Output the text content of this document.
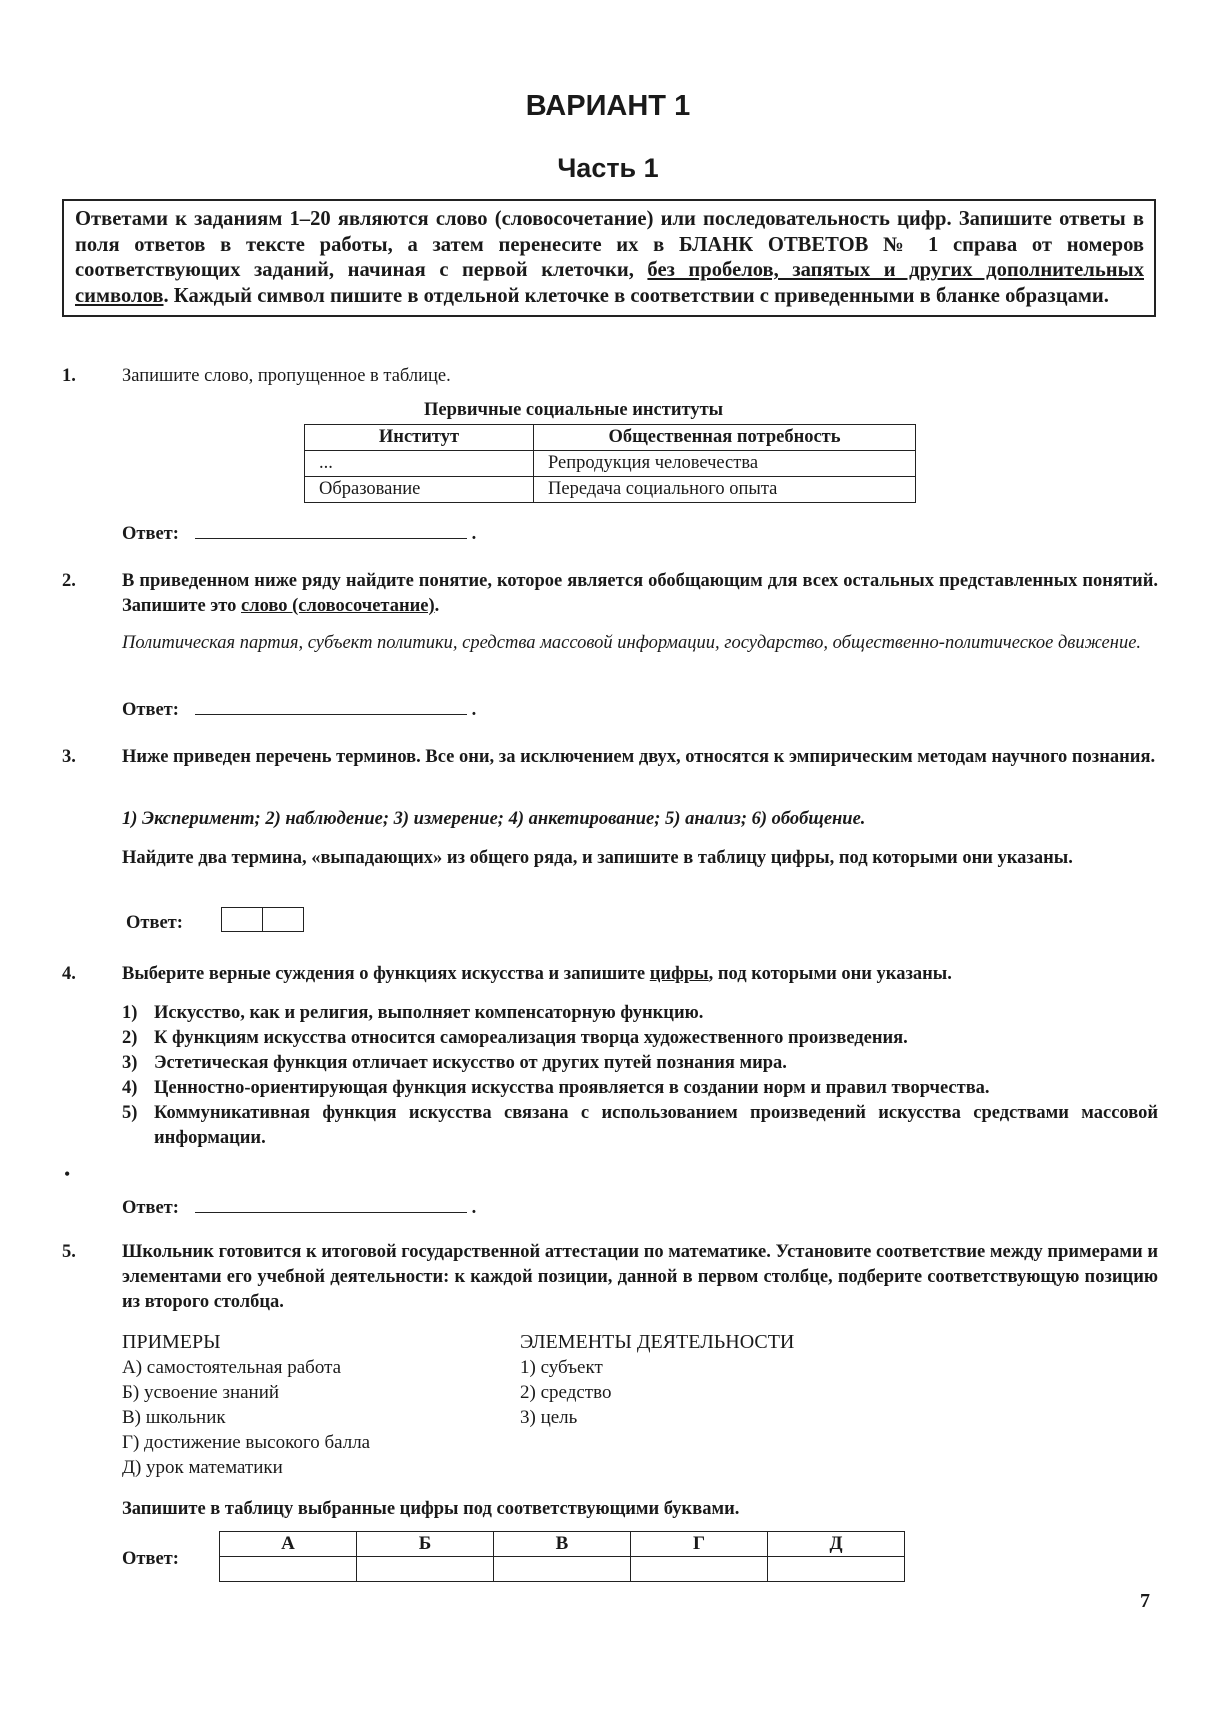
ВАРИАНТ 1
Часть 1
Ответами к заданиям 1–20 являются слово (словосочетание) или последовательность цифр. Запишите ответы в поля ответов в тексте работы, а затем перенесите их в БЛАНК ОТВЕТОВ № 1 справа от номеров соответствующих заданий, начиная с первой клеточки, без пробелов, запятых и других дополнительных символов. Каждый символ пишите в отдельной клеточке в соответствии с приведенными в бланке образцами.
1.	Запишите слово, пропущенное в таблице.
Первичные социальные институты
Институт	Общественная потребность
...	Репродукция человечества
Образование	Передача социального опыта
Ответ:	.
2.	В приведенном ниже ряду найдите понятие, которое является обобщающим для всех остальных представленных понятий. Запишите это слово (словосочетание).
Политическая партия, субъект политики, средства массовой информации, государство, общественно-политическое движение.
Ответ:	.
3.	Ниже приведен перечень терминов. Все они, за исключением двух, относятся к эмпирическим методам научного познания.
1) Эксперимент; 2) наблюдение; 3) измерение; 4) анкетирование; 5) анализ; 6) обобщение.
Найдите два термина, «выпадающих» из общего ряда, и запишите в таблицу цифры, под которыми они указаны.
Ответ:
4.	Выберите верные суждения о функциях искусства и запишите цифры, под которыми они указаны.
1) Искусство, как и религия, выполняет компенсаторную функцию.
2) К функциям искусства относится самореализация творца художественного произведения.
3) Эстетическая функция отличает искусство от других путей познания мира.
4) Ценностно-ориентирующая функция искусства проявляется в создании норм и правил творчества.
5) Коммуникативная функция искусства связана с использованием произведений искусства средствами массовой информации.
Ответ:	.
•
5.	Школьник готовится к итоговой государственной аттестации по математике. Установите соответствие между примерами и элементами его учебной деятельности: к каждой позиции, данной в первом столбце, подберите соответствующую позицию из второго столбца.
ПРИМЕРЫ
А) самостоятельная работа
Б) усвоение знаний
В) школьник
Г) достижение высокого балла
Д) урок математики
ЭЛЕМЕНТЫ ДЕЯТЕЛЬНОСТИ
1) субъект
2) средство
3) цель
Запишите в таблицу выбранные цифры под соответствующими буквами.
Ответ:
А	Б	В	Г	Д

7
